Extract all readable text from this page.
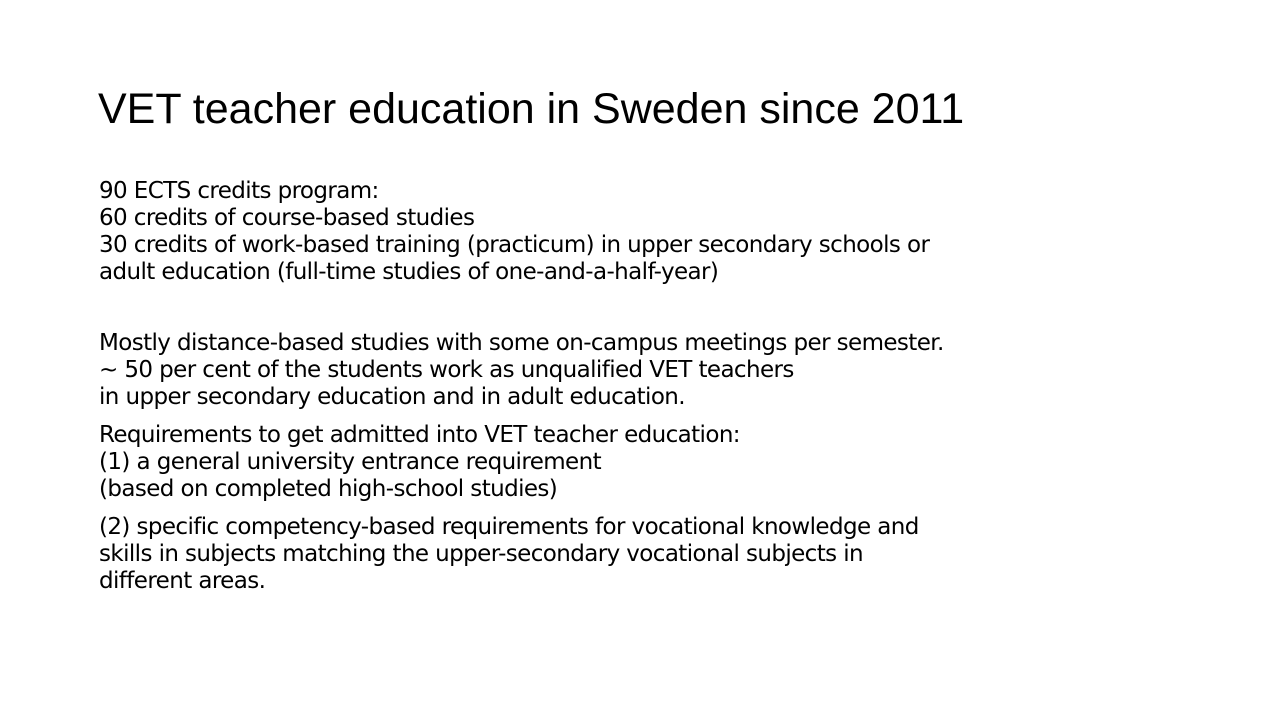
VET teacher education in Sweden since 2011

90 ECTS credits program:
60 credits of course-based studies
30 credits of work-based training (practicum) in upper secondary schools or
adult education (full-time studies of one-and-a-half-year)

Mostly distance-based studies with some on-campus meetings per semester.
~ 50 per cent of the students work as unqualified VET teachers
in upper secondary education and in adult education.

Requirements to get admitted into VET teacher education:
(1) a general university entrance requirement
(based on completed high-school studies)

(2) specific competency-based requirements for vocational knowledge and
skills in subjects matching the upper-secondary vocational subjects in
different areas.
